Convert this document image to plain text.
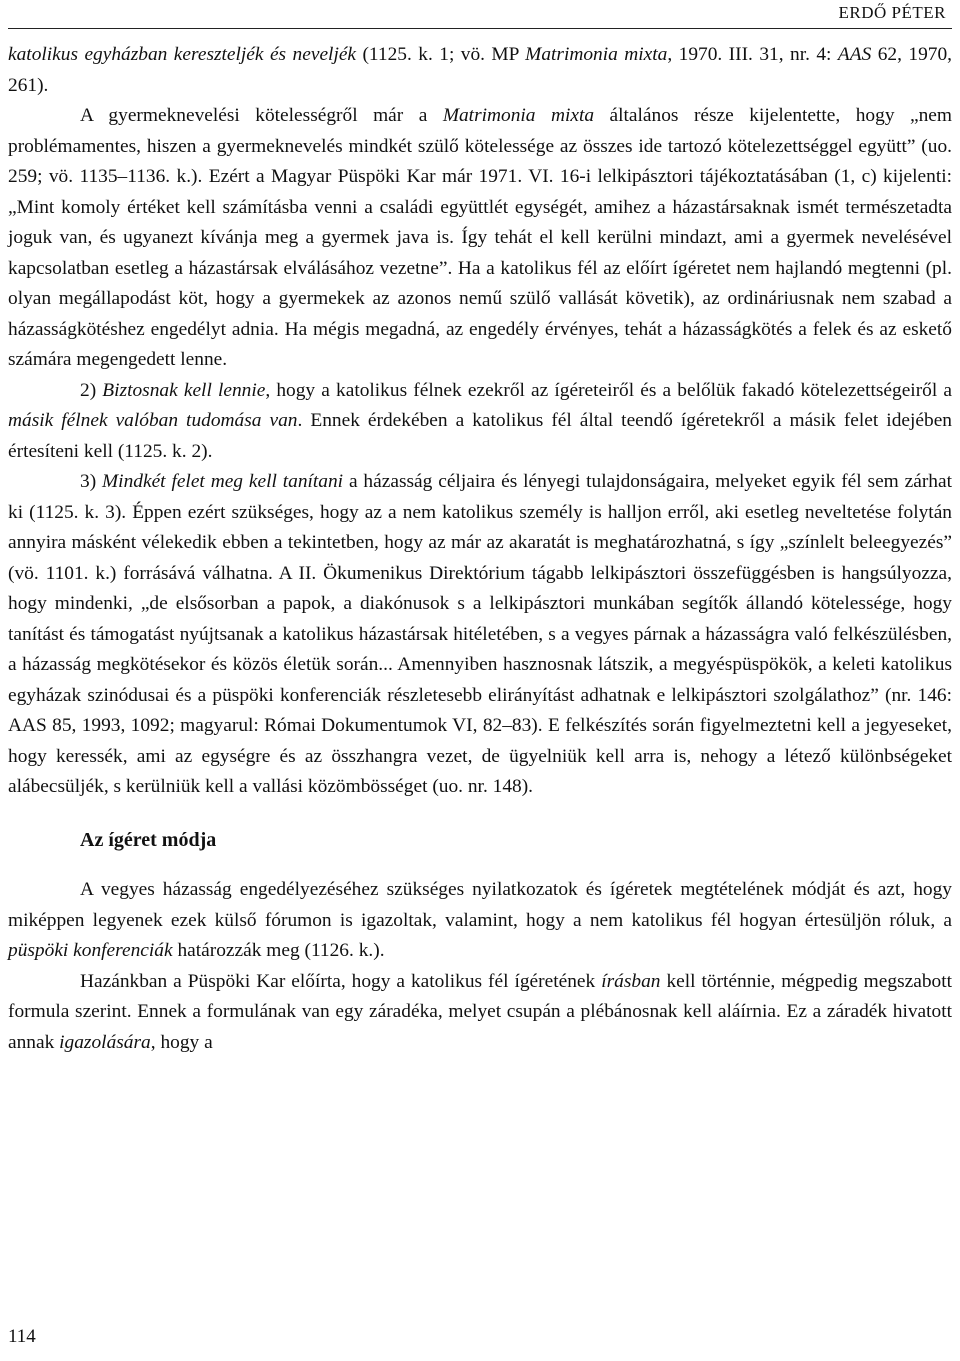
ERDŐ PÉTER

katolikus egyházban kereszteljék és neveljék (1125. k. 1; vö. MP Matrimonia mixta, 1970. III. 31, nr. 4: AAS 62, 1970, 261).

A gyermeknevelési kötelességről már a Matrimonia mixta általános része kijelentette, hogy „nem problémamentes, hiszen a gyermeknevelés mindkét szülő kötelessége az összes ide tartozó kötelezettséggel együtt” (uo. 259; vö. 1135–1136. k.). Ezért a Magyar Püspöki Kar már 1971. VI. 16-i lelkipásztori tájékoztatásában (1, c) kijelenti: „Mint komoly értéket kell számításba venni a családi együttlét egységét, amihez a házastársaknak ismét természetadta joguk van, és ugyanezt kívánja meg a gyermek java is. Így tehát el kell kerülni mindazt, ami a gyermek nevelésével kapcsolatban esetleg a házastársak elválásához vezetne”. Ha a katolikus fél az előírt ígéretet nem hajlandó megtenni (pl. olyan megállapodást köt, hogy a gyermekek az azonos nemű szülő vallását követik), az ordináriusnak nem szabad a házasságkötéshez engedélyt adnia. Ha mégis megadná, az engedély érvényes, tehát a házasságkötés a felek és az eskető számára megengedett lenne.

2) Biztosnak kell lennie, hogy a katolikus félnek ezekről az ígéreteiről és a belőlük fakadó kötelezettségeiről a másik félnek valóban tudomása van. Ennek érdekében a katolikus fél által teendő ígéretekről a másik felet idejében értesíteni kell (1125. k. 2).

3) Mindkét felet meg kell tanítani a házasság céljaira és lényegi tulajdonságaira, melyeket egyik fél sem zárhat ki (1125. k. 3). Éppen ezért szükséges, hogy az a nem katolikus személy is halljon erről, aki esetleg neveltetése folytán annyira másként vélekedik ebben a tekintetben, hogy az már az akaratát is meghatározhatná, s így „színlelt beleegyezés” (vö. 1101. k.) forrásává válhatna. A II. Ökumenikus Direktórium tágabb lelkipásztori összefüggésben is hangsúlyozza, hogy mindenki, „de elsősorban a papok, a diakónusok s a lelkipásztori munkában segítők állandó kötelessége, hogy tanítást és támogatást nyújtsanak a katolikus házastársak hitéletében, s a vegyes párnak a házasságra való felkészülésben, a házasság megkötésekor és közös életük során... Amennyiben hasznosnak látszik, a megyéspüspökök, a keleti katolikus egyházak szinódusai és a püspöki konferenciák részletesebb elirányítást adhatnak e lelkipásztori szolgálathoz” (nr. 146: AAS 85, 1993, 1092; magyarul: Római Dokumentumok VI, 82–83). E felkészítés során figyelmeztetni kell a jegyeseket, hogy keressék, ami az egységre és az összhangra vezet, de ügyelniük kell arra is, nehogy a létező különbségeket alábecsüljék, s kerülniük kell a vallási közömbösséget (uo. nr. 148).

Az ígéret módja

A vegyes házasság engedélyezéséhez szükséges nyilatkozatok és ígéretek megtételének módját és azt, hogy miképpen legyenek ezek külső fórumon is igazoltak, valamint, hogy a nem katolikus fél hogyan értesüljön róluk, a püspöki konferenciák határozzák meg (1126. k.).

Hazánkban a Püspöki Kar előírta, hogy a katolikus fél ígéretének írásban kell történnie, mégpedig megszabott formula szerint. Ennek a formulának van egy záradéka, melyet csupán a plébánosnak kell aláírnia. Ez a záradék hivatott annak igazolására, hogy a

114
